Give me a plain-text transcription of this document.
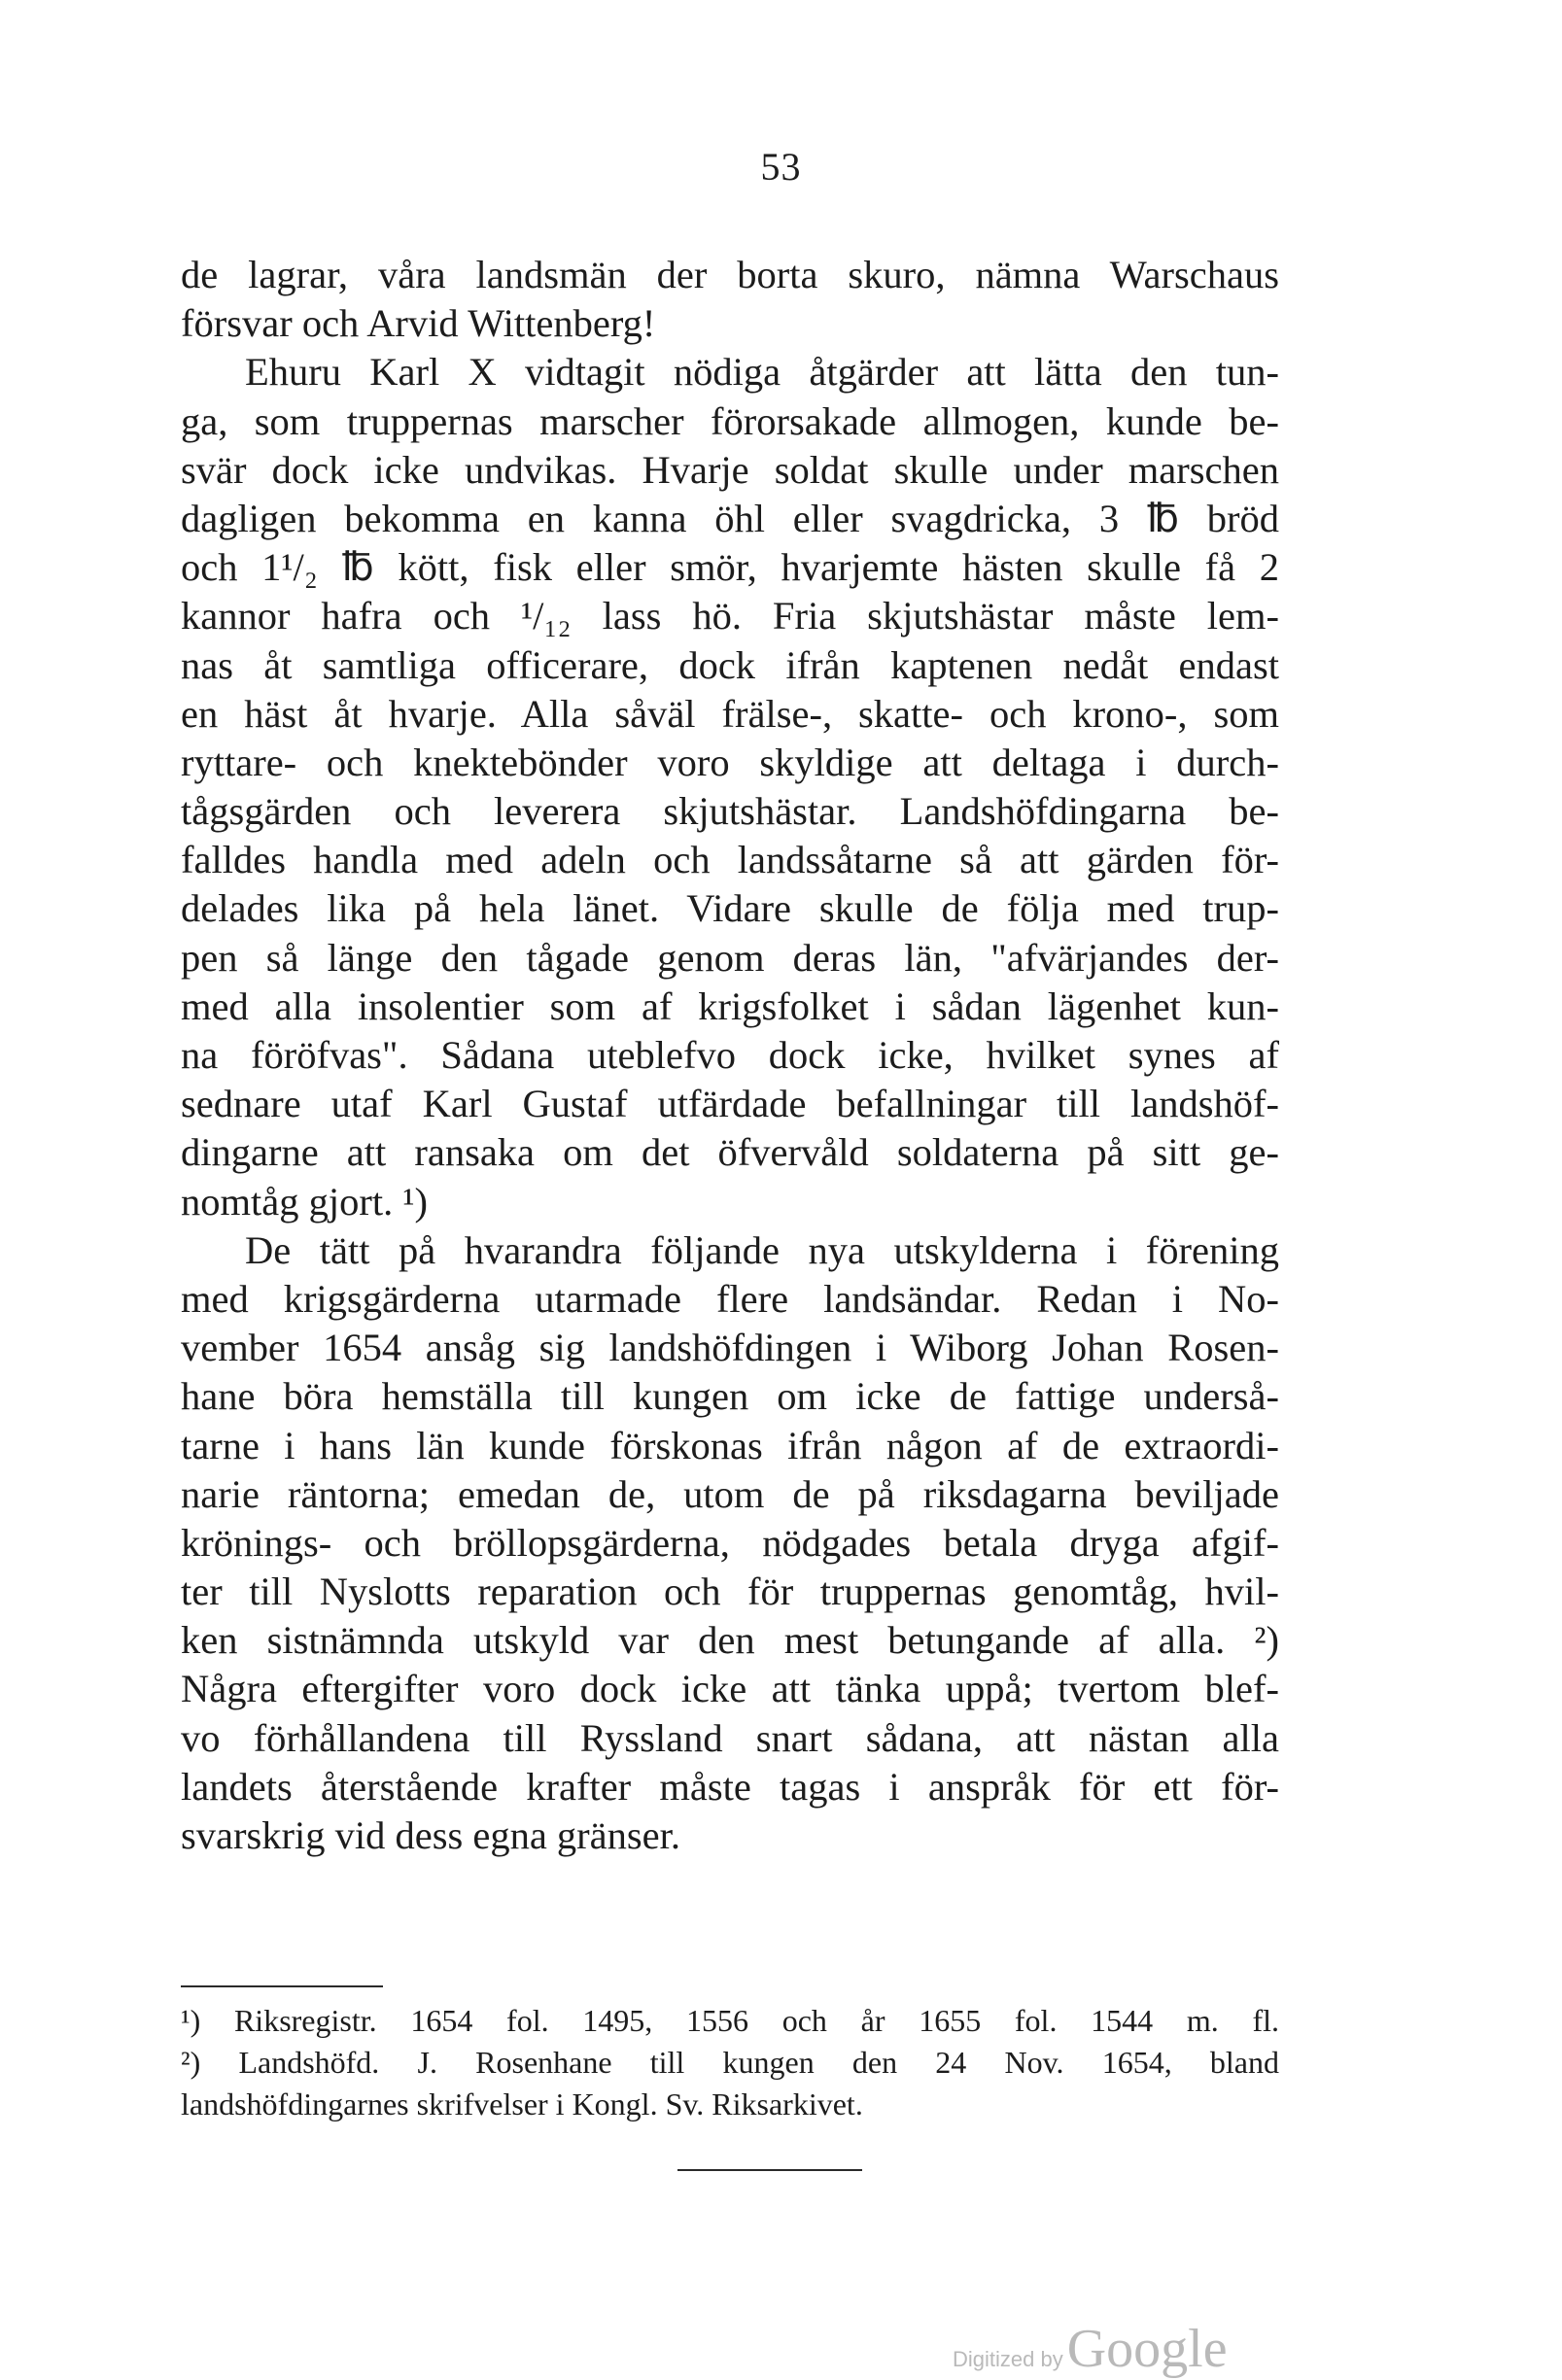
53
de lagrar, våra landsmän der borta skuro, nämna Warschaus
försvar och Arvid Wittenberg!
Ehuru Karl X vidtagit nödiga åtgärder att lätta den tun-
ga, som truppernas marscher förorsakade allmogen, kunde be-
svär dock icke undvikas. Hvarje soldat skulle under marschen
dagligen bekomma en kanna öhl eller svagdricka, 3 ℔ bröd
och 1¹/₂ ℔ kött, fisk eller smör, hvarjemte hästen skulle få 2
kannor hafra och ¹/₁₂ lass hö. Fria skjutshästar måste lem-
nas åt samtliga officerare, dock ifrån kaptenen nedåt endast
en häst åt hvarje. Alla såväl frälse-, skatte- och krono-, som
ryttare- och knektebönder voro skyldige att deltaga i durch-
tågsgärden och leverera skjutshästar. Landshöfdingarna be-
falldes handla med adeln och landssåtarne så att gärden för-
delades lika på hela länet. Vidare skulle de följa med trup-
pen så länge den tågade genom deras län, "afvärjandes der-
med alla insolentier som af krigsfolket i sådan lägenhet kun-
na föröfvas". Sådana uteblefvo dock icke, hvilket synes af
sednare utaf Karl Gustaf utfärdade befallningar till landshöf-
dingarne att ransaka om det öfvervåld soldaterna på sitt ge-
nomtåg gjort. ¹)
De tätt på hvarandra följande nya utskylderna i förening
med krigsgärderna utarmade flere landsändar. Redan i No-
vember 1654 ansåg sig landshöfdingen i Wiborg Johan Rosen-
hane böra hemställa till kungen om icke de fattige underså-
tarne i hans län kunde förskonas ifrån någon af de extraordi-
narie räntorna; emedan de, utom de på riksdagarna beviljade
krönings- och bröllopsgärderna, nödgades betala dryga afgif-
ter till Nyslotts reparation och för truppernas genomtåg, hvil-
ken sistnämnda utskyld var den mest betungande af alla. ²)
Några eftergifter voro dock icke att tänka uppå; tvertom blef-
vo förhållandena till Ryssland snart sådana, att nästan alla
landets återstående krafter måste tagas i anspråk för ett för-
svarskrig vid dess egna gränser.
¹) Riksregistr. 1654 fol. 1495, 1556 och år 1655 fol. 1544 m. fl.
²) Landshöfd. J. Rosenhane till kungen den 24 Nov. 1654, bland
landshöfdingarnes skrifvelser i Kongl. Sv. Riksarkivet.
Digitized by Google
